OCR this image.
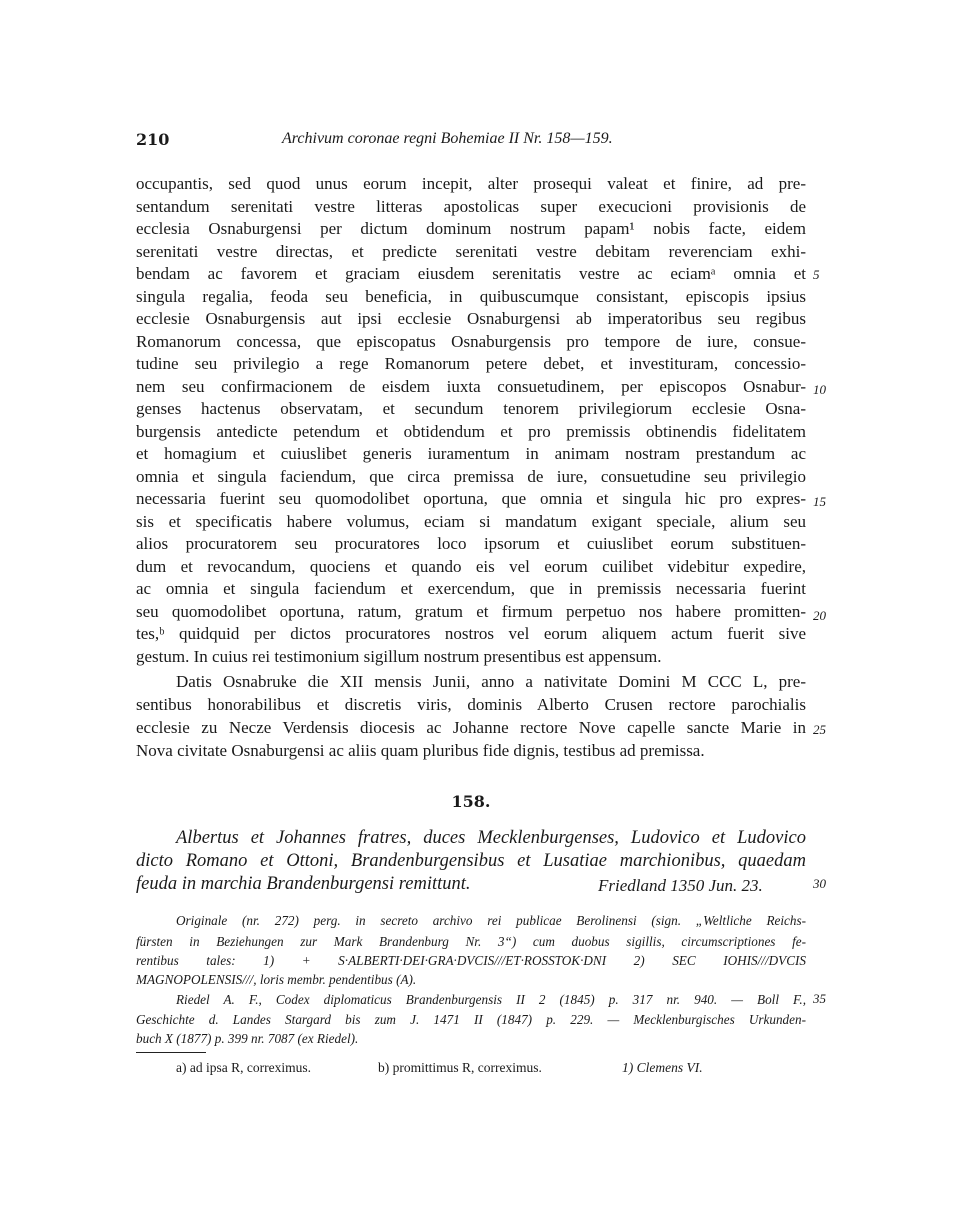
210	Archivum coronae regni Bohemiae II Nr. 158—159.
occupantis, sed quod unus eorum incepit, alter prosequi valeat et finire, ad pre-
sentandum serenitati vestre litteras apostolicas super execucioni provisionis de
ecclesia Osnaburgensi per dictum dominum nostrum papam¹ nobis facte, eidem
serenitati vestre directas, et predicte serenitati vestre debitam reverenciam exhi-
bendam ac favorem et graciam eiusdem serenitatis vestre ac eciamᵃ omnia et
singula regalia, feoda seu beneficia, in quibuscumque consistant, episcopis ipsius
ecclesie Osnaburgensis aut ipsi ecclesie Osnaburgensi ab imperatoribus seu regibus
Romanorum concessa, que episcopatus Osnaburgensis pro tempore de iure, consue-
tudine seu privilegio a rege Romanorum petere debet, et investituram, concessio-
nem seu confirmacionem de eisdem iuxta consuetudinem, per episcopos Osnabur-
genses hactenus observatam, et secundum tenorem privilegiorum ecclesie Osna-
burgensis antedicte petendum et obtidendum et pro premissis obtinendis fidelitatem
et homagium et cuiuslibet generis iuramentum in animam nostram prestandum ac
omnia et singula faciendum, que circa premissa de iure, consuetudine seu privilegio
necessaria fuerint seu quomodolibet oportuna, que omnia et singula hic pro expres-
sis et specificatis habere volumus, eciam si mandatum exigant speciale, alium seu
alios procuratorem seu procuratores loco ipsorum et cuiuslibet eorum substituen-
dum et revocandum, quociens et quando eis vel eorum cuilibet videbitur expedire,
ac omnia et singula faciendum et exercendum, que in premissis necessaria fuerint
seu quomodolibet oportuna, ratum, gratum et firmum perpetuo nos habere promitten-
tes,ᵇ quidquid per dictos procuratores nostros vel eorum aliquem actum fuerit sive
gestum. In cuius rei testimonium sigillum nostrum presentibus est appensum.
Datis Osnabruke die XII mensis Junii, anno a nativitate Domini M CCC L, pre-
sentibus honorabilibus et discretis viris, dominis Alberto Crusen rectore parochialis
ecclesie zu Necze Verdensis diocesis ac Johanne rectore Nove capelle sancte Marie in
Nova civitate Osnaburgensi ac aliis quam pluribus fide dignis, testibus ad premissa.
5
10
15
20
25
158.
Albertus et Johannes fratres, duces Mecklenburgenses, Ludovico et Ludovico
dicto Romano et Ottoni, Brandenburgensibus et Lusatiae marchionibus, quaedam
feuda in marchia Brandenburgensi remittunt.	Friedland 1350 Jun. 23.	30
Originale (nr. 272) perg. in secreto archivo rei publicae Berolinensi (sign. „Weltliche Reichs-
fürsten in Beziehungen zur Mark Brandenburg Nr. 3“) cum duobus sigillis, circumscriptiones fe-
rentibus tales: 1) + S·ALBERTI·DEI·GRA·DVCIS///ET·ROSSTOK·DNI 2) SEC IOHIS///DVCIS
MAGNOPOLENSIS///, loris membr. pendentibus (A).
Riedel A. F., Codex diplomaticus Brandenburgensis II 2 (1845) p. 317 nr. 940. — Boll F.,
Geschichte d. Landes Stargard bis zum J. 1471 II (1847) p. 229. — Mecklenburgisches Urkunden-
buch X (1877) p. 399 nr. 7087 (ex Riedel).
35
a) ad ipsa R, correximus.	b) promittimus R, correximus.	1) Clemens VI.
